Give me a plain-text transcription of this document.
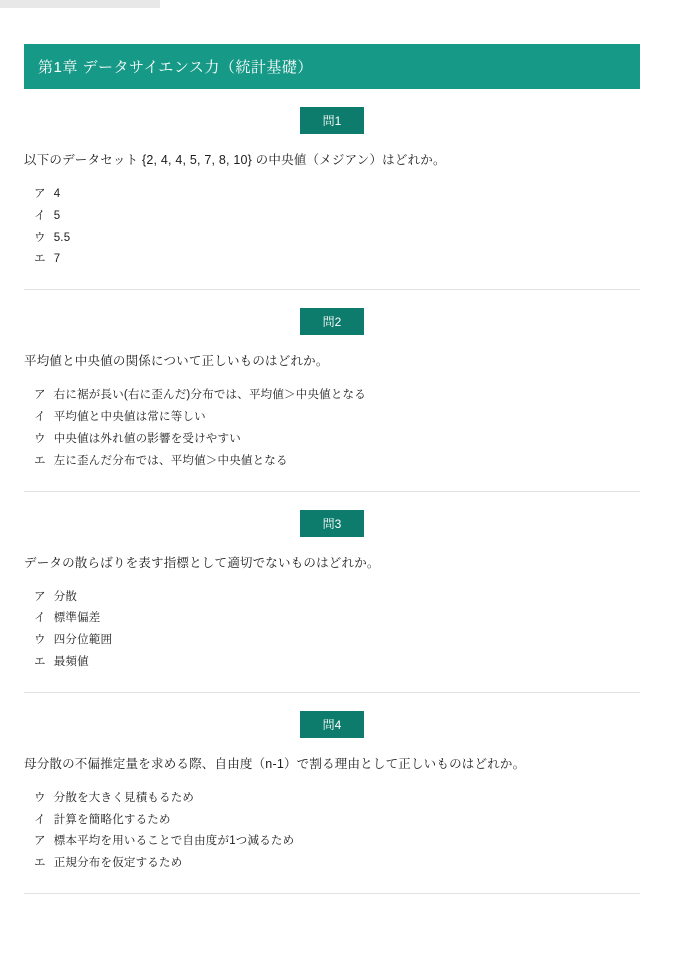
第1章 データサイエンス力（統計基礎）
問1
以下のデータセット {2, 4, 4, 5, 7, 8, 10} の中央値（メジアン）はどれか。
ア 4
イ 5
ウ 5.5
エ 7
問2
平均値と中央値の関係について正しいものはどれか。
ア 右に裾が長い(右に歪んだ)分布では、平均値＞中央値となる
イ 平均値と中央値は常に等しい
ウ 中央値は外れ値の影響を受けやすい
エ 左に歪んだ分布では、平均値＞中央値となる
問3
データの散らばりを表す指標として適切でないものはどれか。
ア 分散
イ 標準偏差
ウ 四分位範囲
エ 最頻値
問4
母分散の不偏推定量を求める際、自由度（n-1）で割る理由として正しいものはどれか。
ウ 分散を大きく見積もるため
イ 計算を簡略化するため
ア 標本平均を用いることで自由度が1つ減るため
エ 正規分布を仮定するため
